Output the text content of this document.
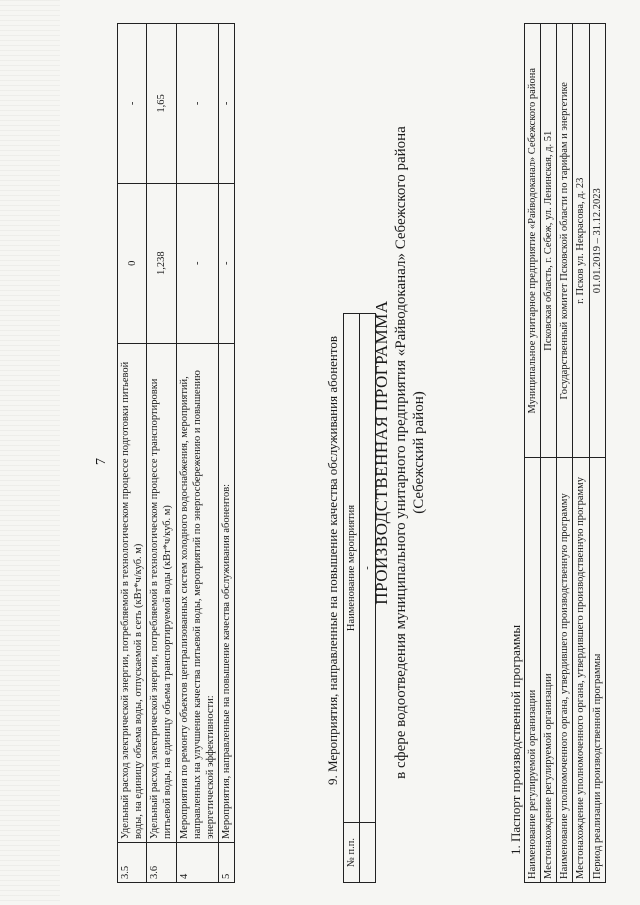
7
3.5	Удельный расход электрической энергии, потребляемой в технологическом процессе подготовки питьевой воды, на единицу объема воды, отпускаемой в сеть (кВт*ч/куб. м)	0	-
3.6	Удельный расход электрической энергии, потребляемой в технологическом процессе транспортировки питьевой воды, на единицу объема транспортируемой воды (кВт*ч/куб. м)	1,238	1,65
4	Мероприятия по ремонту объектов централизованных систем холодного водоснабжения, мероприятий, направленных на улучшение качества питьевой воды, мероприятий по энергосбережению и повышению энергетической эффективности:	-	-
5	Мероприятия, направленные на повышение качества обслуживания абонентов:	-	-
9. Мероприятия, направленные на повышение качества обслуживания абонентов
№ п.п.	Наименование мероприятия
	-
ПРОИЗВОДСТВЕННАЯ ПРОГРАММА в сфере водоотведения муниципального унитарного предприятия «Райводоканал» Себежского района (Себежский район)
1. Паспорт производственной программы Наименование регулируемой организации	Муниципальное унитарное предприятие «Райводоканал» Себежского района
Местонахождение регулируемой организации	Псковская область, г. Себеж, ул. Ленинская, д. 51
Наименование уполномоченного органа, утвердившего производственную программу	Государственный комитет Псковской области по тарифам и энергетике
Местонахождение уполномоченного органа, утвердившего производственную программу	г. Псков ул. Некрасова, д. 23
Период реализации производственной программы	01.01.2019 – 31.12.2023
